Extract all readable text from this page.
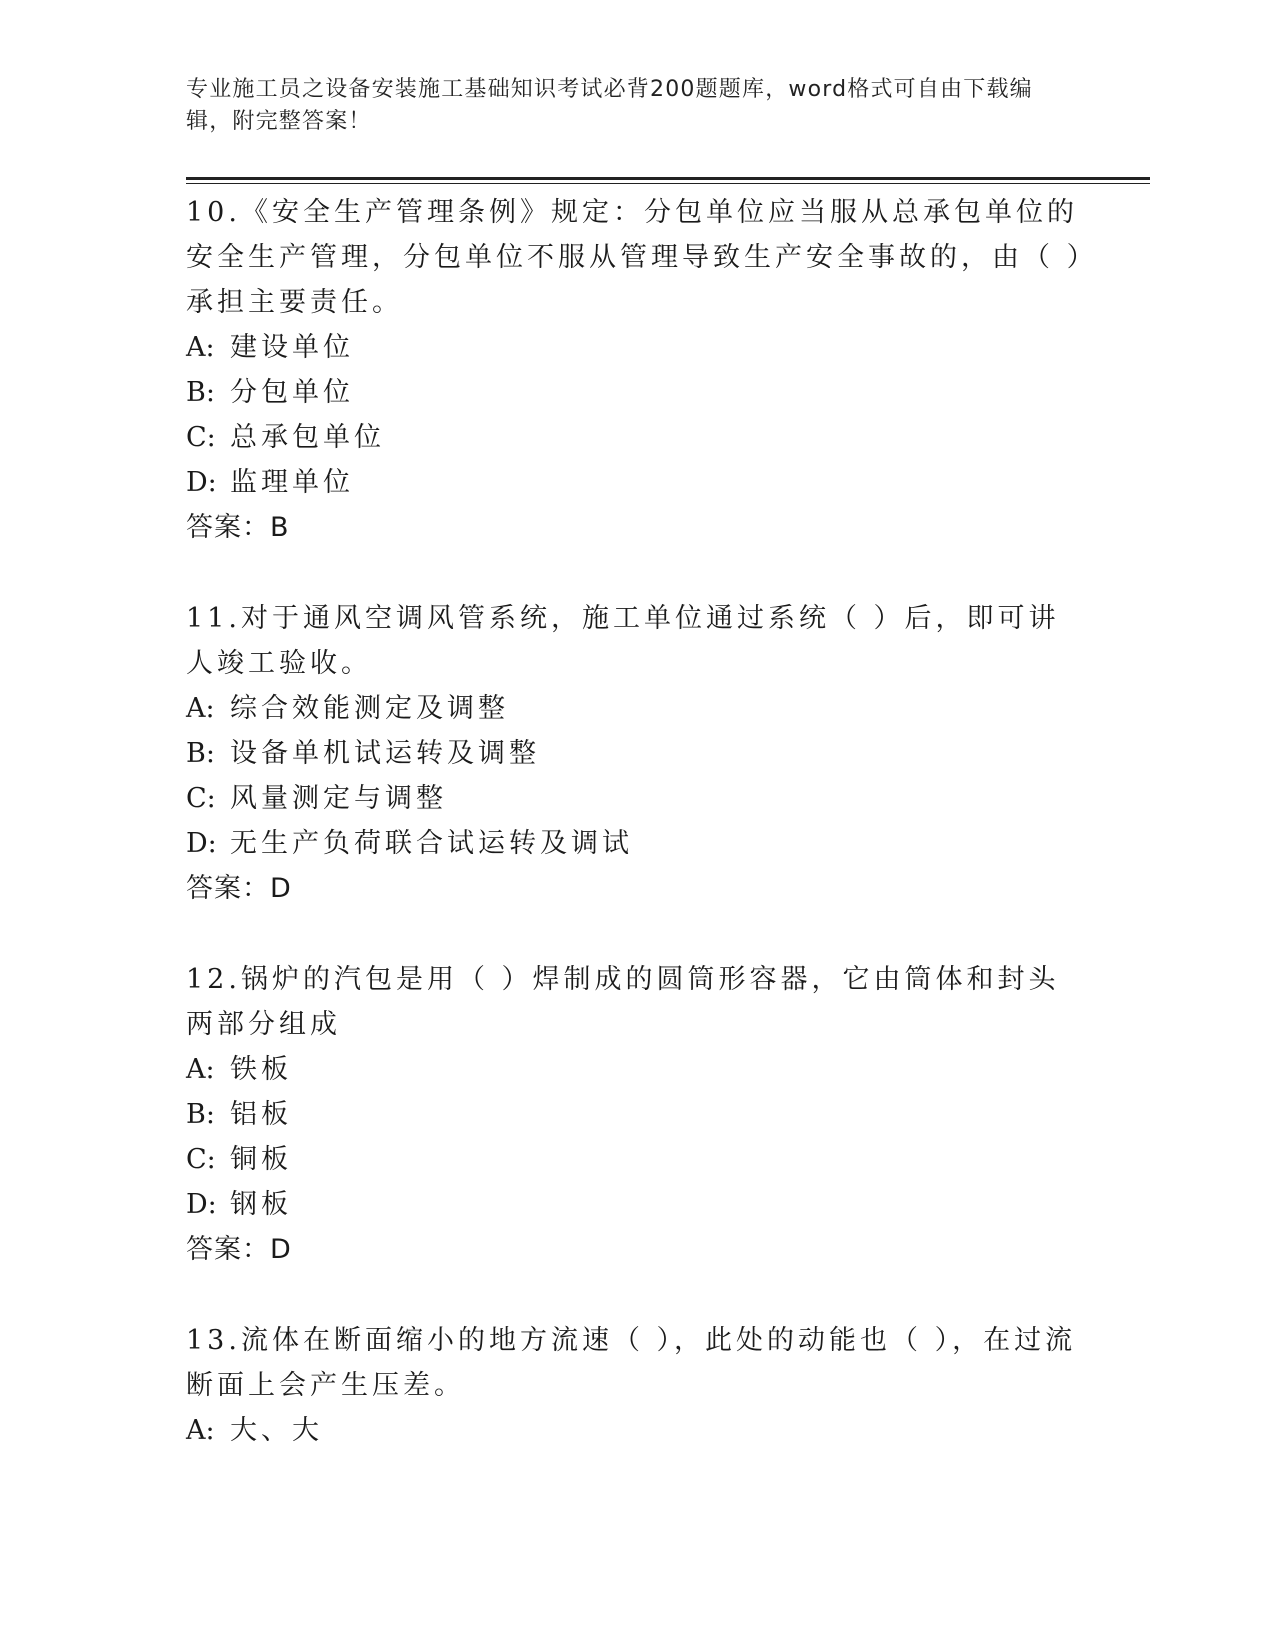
专业施工员之设备安装施工基础知识考试必背200题题库，word格式可自由下载编辑，附完整答案！

10.《安全生产管理条例》规定：分包单位应当服从总承包单位的安全生产管理，分包单位不服从管理导致生产安全事故的，由（ ）承担主要责任。

A: 建设单位

B: 分包单位

C: 总承包单位

D: 监理单位

答案：B

11.对于通风空调风管系统，施工单位通过系统（ ）后，即可讲人竣工验收。

A: 综合效能测定及调整

B: 设备单机试运转及调整

C: 风量测定与调整

D: 无生产负荷联合试运转及调试

答案：D

12.锅炉的汽包是用（ ）焊制成的圆筒形容器，它由筒体和封头两部分组成

A: 铁板

B: 铝板

C: 铜板

D: 钢板

答案：D

13.流体在断面缩小的地方流速（ ），此处的动能也（ ），在过流断面上会产生压差。

A: 大、大
